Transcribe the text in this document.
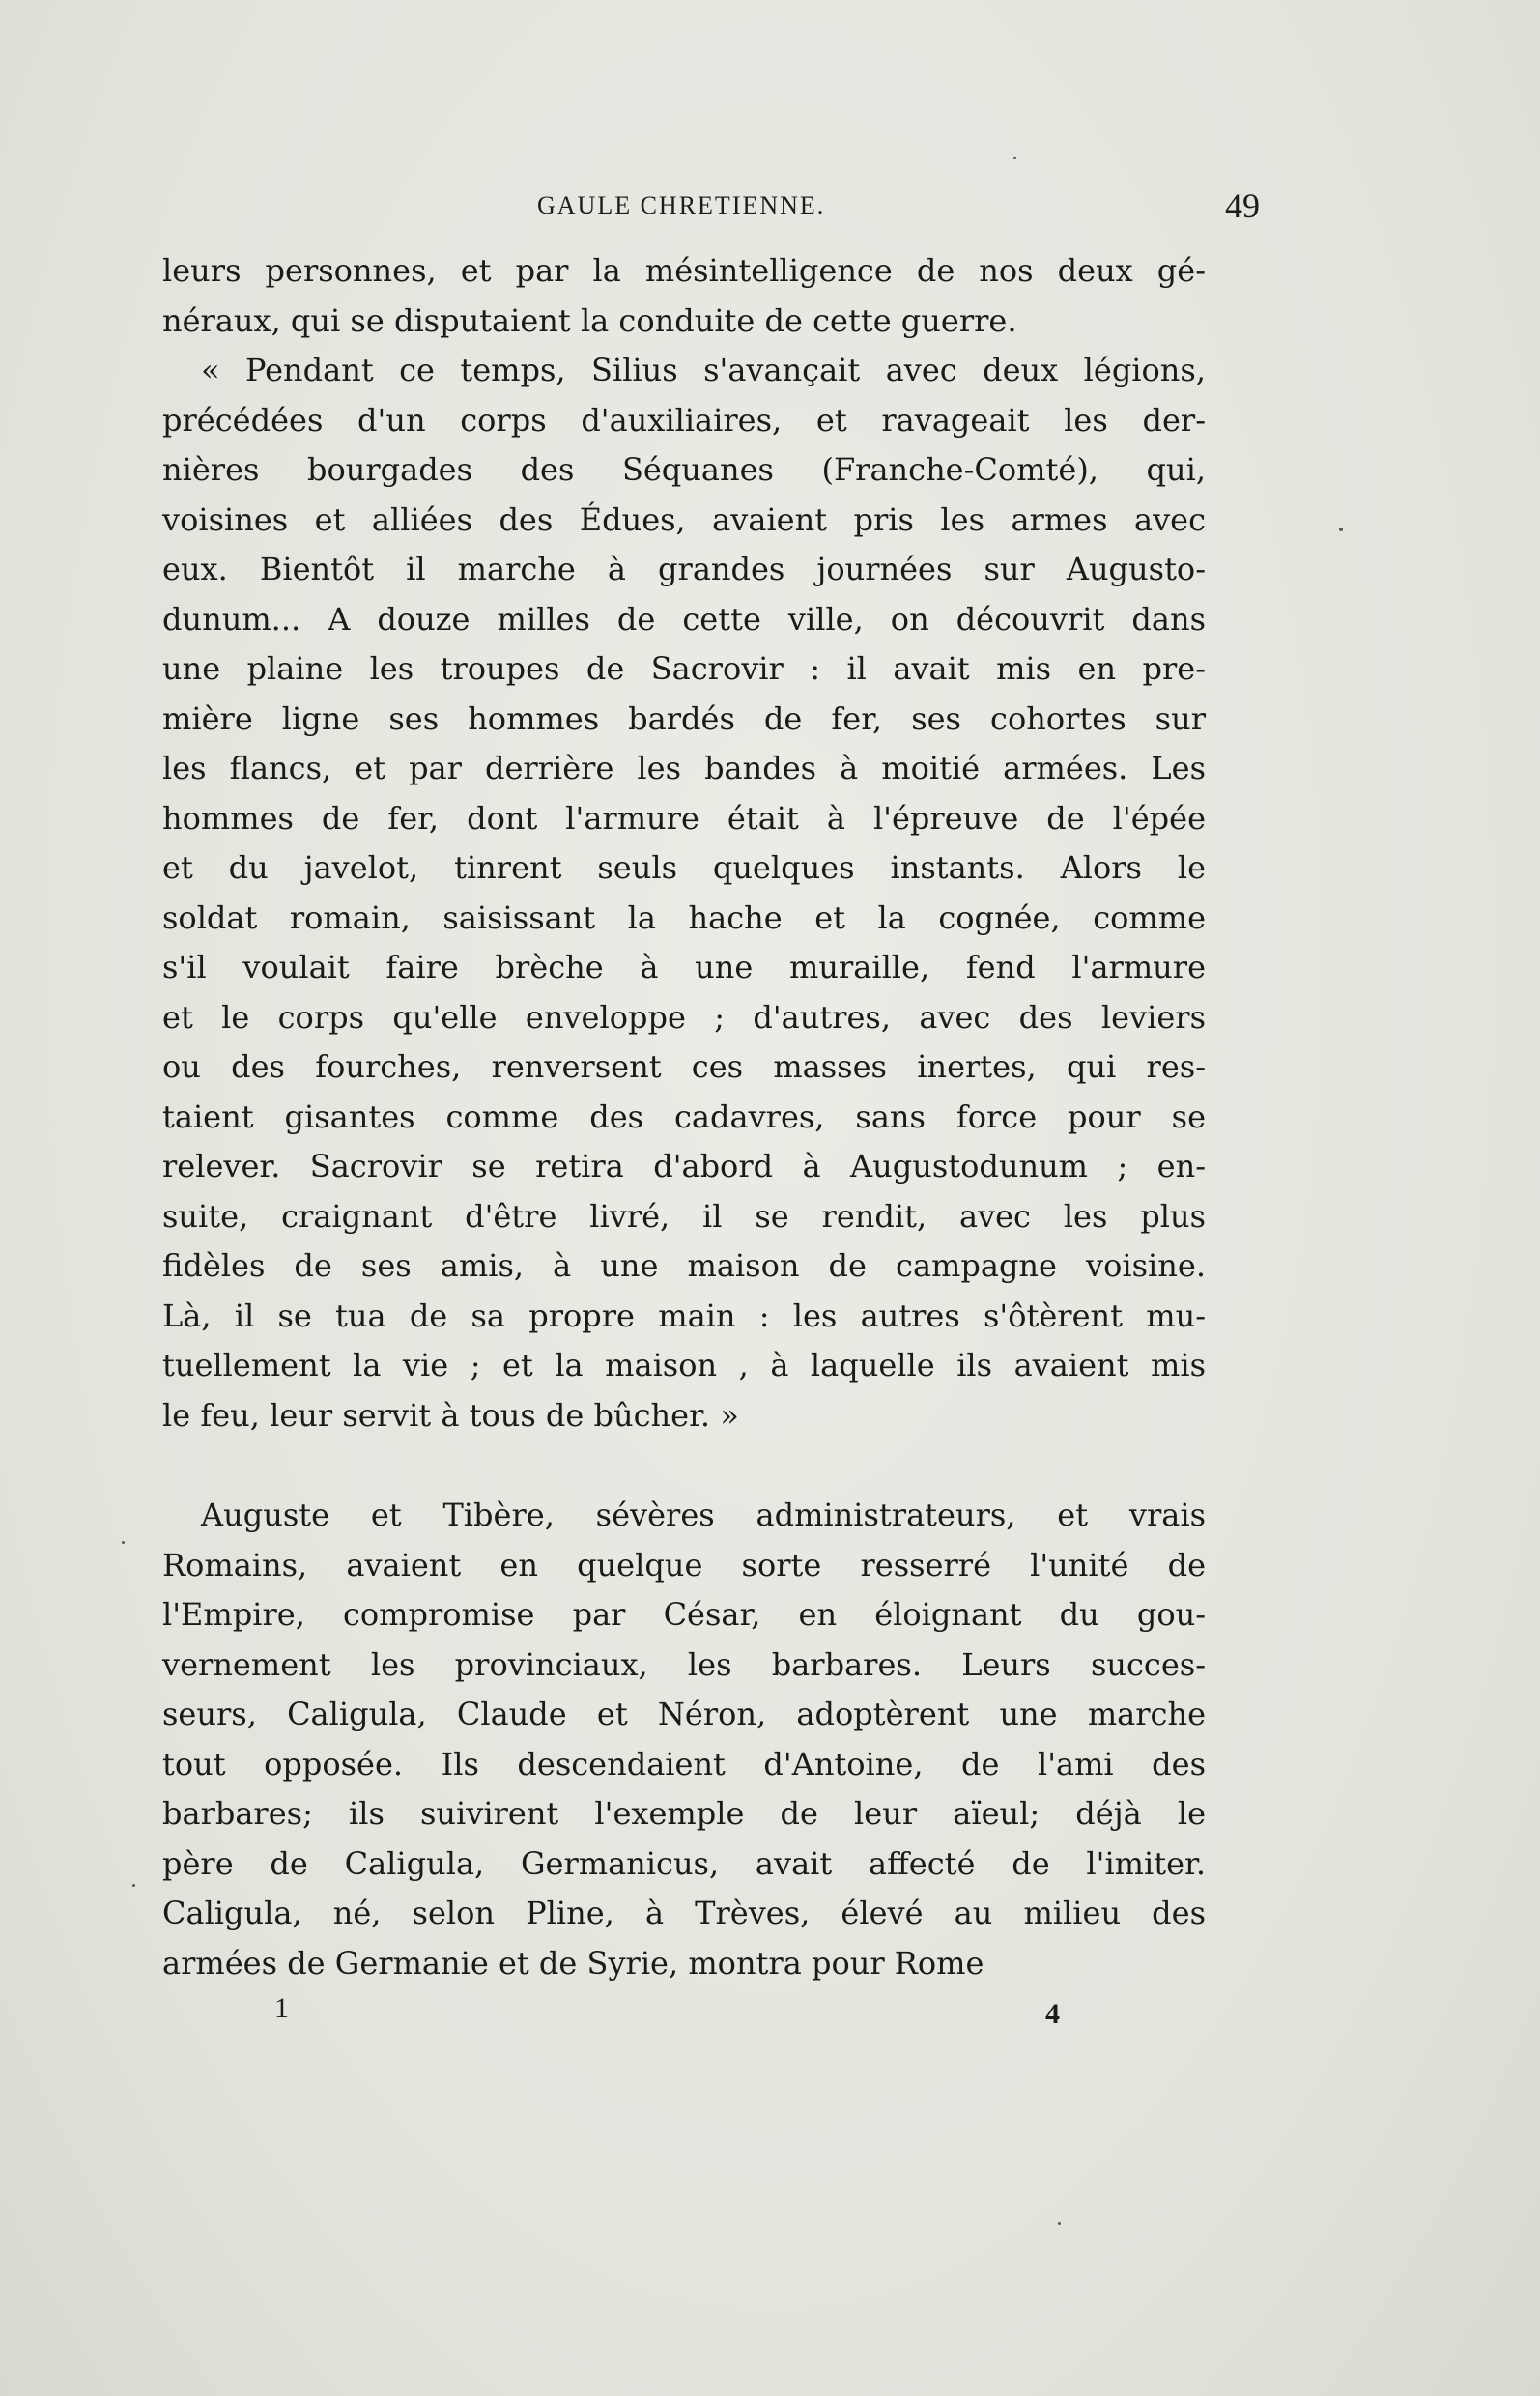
GAULE CHRETIENNE.	49
leurs personnes, et par la mésintelligence de nos deux gé-
néraux, qui se disputaient la conduite de cette guerre.
« Pendant ce temps, Silius s'avançait avec deux légions,
précédées d'un corps d'auxiliaires, et ravageait les der-
nières bourgades des Séquanes (Franche-Comté), qui,
voisines et alliées des Édues, avaient pris les armes avec
eux. Bientôt il marche à grandes journées sur Augusto-
dunum... A douze milles de cette ville, on découvrit dans
une plaine les troupes de Sacrovir : il avait mis en pre-
mière ligne ses hommes bardés de fer, ses cohortes sur
les flancs, et par derrière les bandes à moitié armées. Les
hommes de fer, dont l'armure était à l'épreuve de l'épée
et du javelot, tinrent seuls quelques instants. Alors le
soldat romain, saisissant la hache et la cognée, comme
s'il voulait faire brèche à une muraille, fend l'armure
et le corps qu'elle enveloppe ; d'autres, avec des leviers
ou des fourches, renversent ces masses inertes, qui res-
taient gisantes comme des cadavres, sans force pour se
relever. Sacrovir se retira d'abord à Augustodunum ; en-
suite, craignant d'être livré, il se rendit, avec les plus
fidèles de ses amis, à une maison de campagne voisine.
Là, il se tua de sa propre main : les autres s'ôtèrent mu-
tuellement la vie ; et la maison , à laquelle ils avaient mis
le feu, leur servit à tous de bûcher. »
Auguste et Tibère, sévères administrateurs, et vrais
Romains, avaient en quelque sorte resserré l'unité de
l'Empire, compromise par César, en éloignant du gou-
vernement les provinciaux, les barbares. Leurs succes-
seurs, Caligula, Claude et Néron, adoptèrent une marche
tout opposée. Ils descendaient d'Antoine, de l'ami des
barbares; ils suivirent l'exemple de leur aïeul; déjà le
père de Caligula, Germanicus, avait affecté de l'imiter.
Caligula, né, selon Pline, à Trèves, élevé au milieu des
armées de Germanie et de Syrie, montra pour Rome
1	4
